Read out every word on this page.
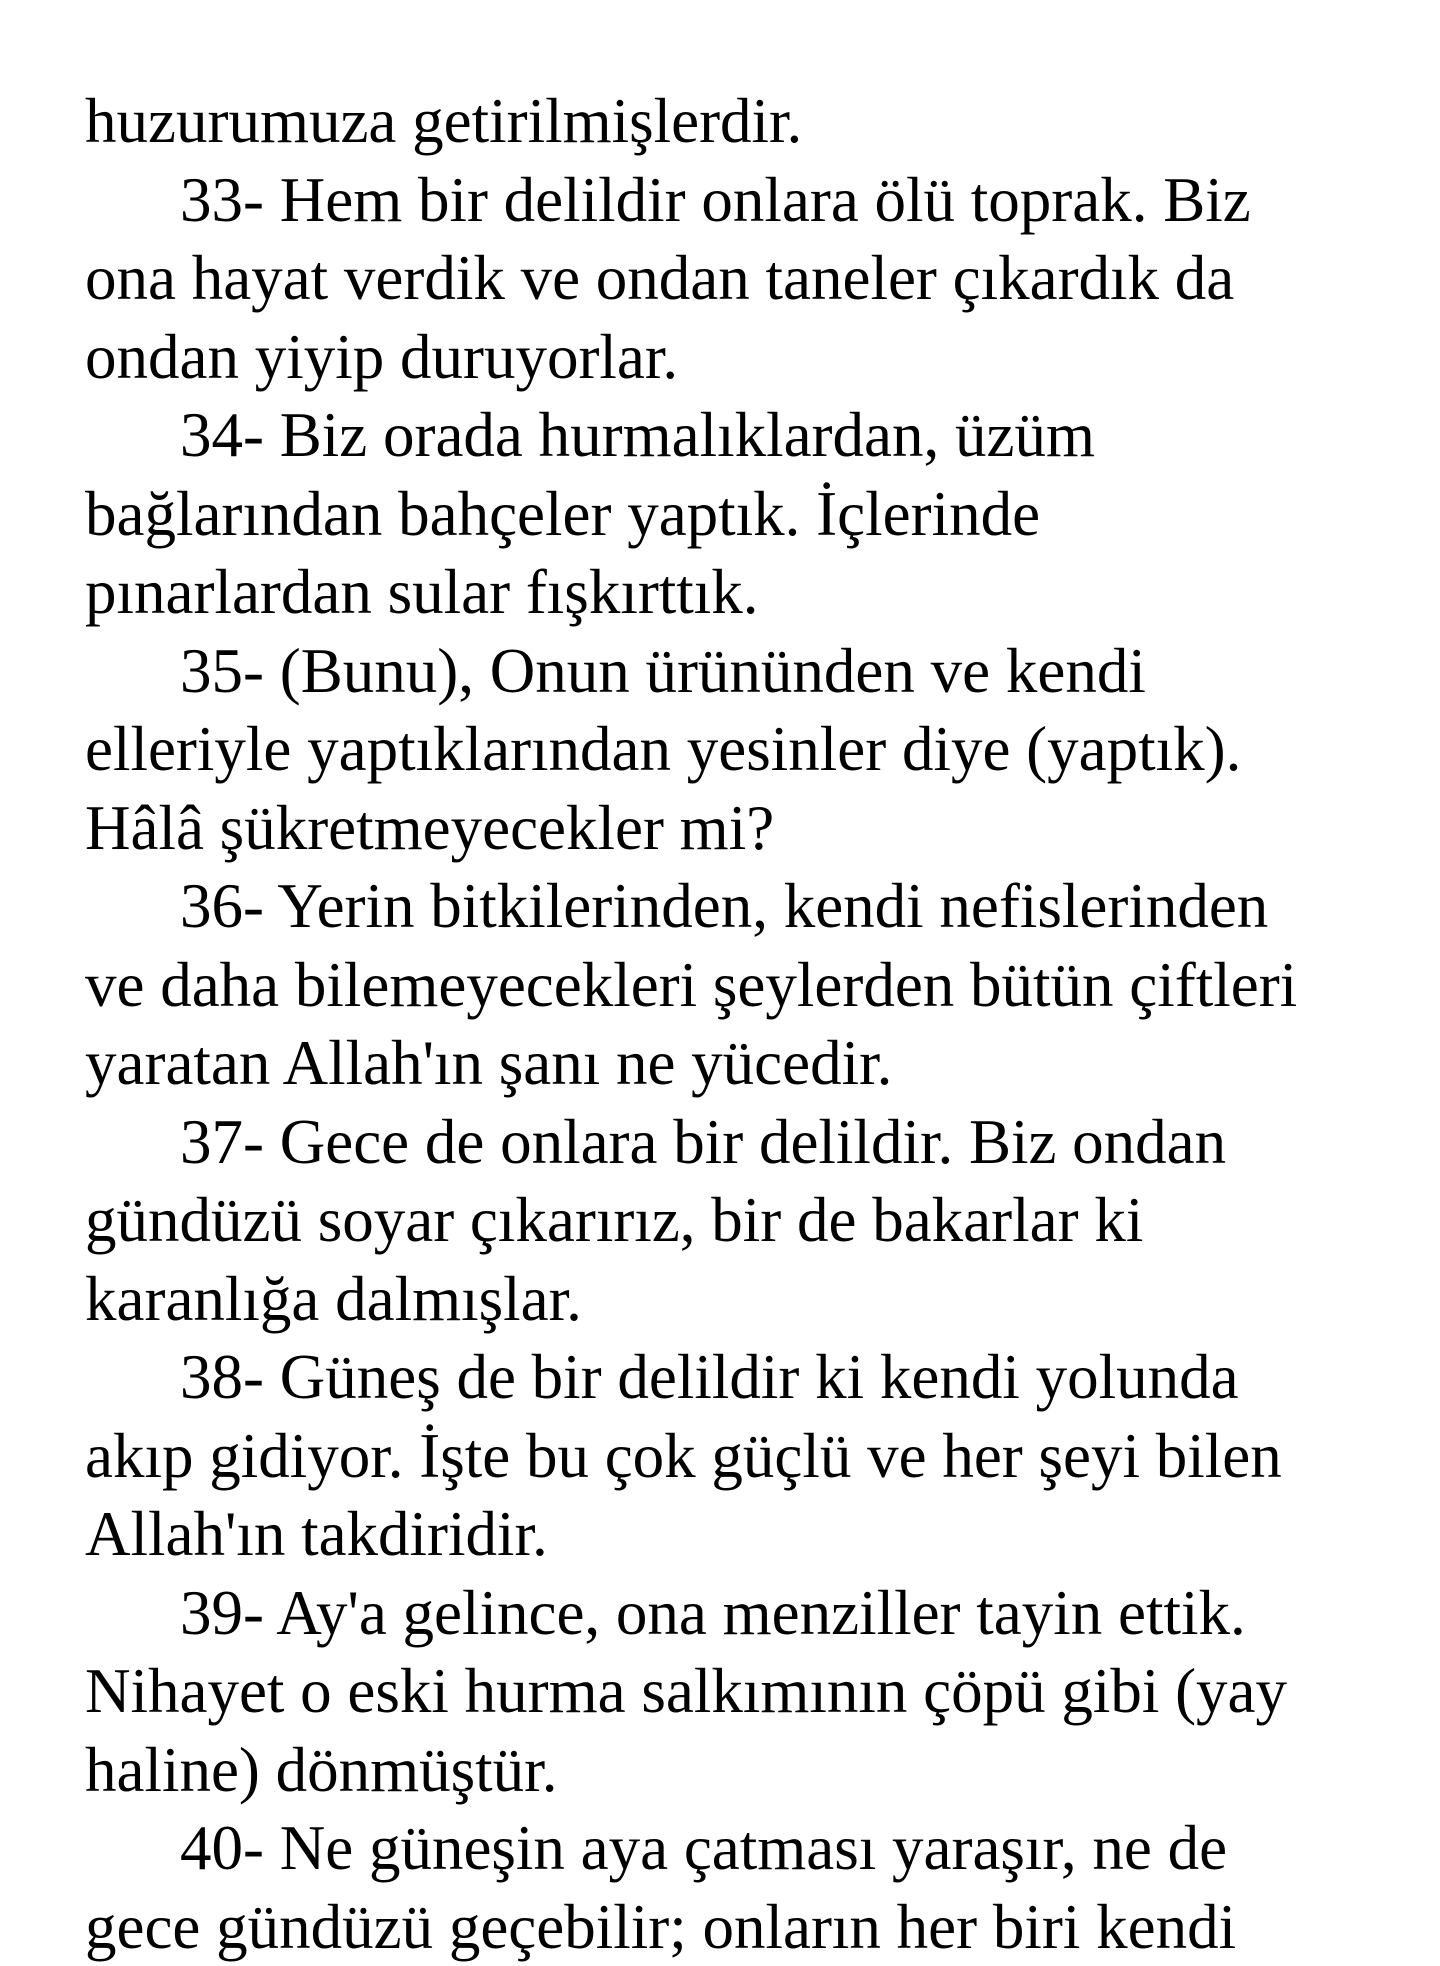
huzurumuza getirilmişlerdir.
33- Hem bir delildir onlara ölü toprak. Biz
ona hayat verdik ve ondan taneler çıkardık da
ondan yiyip duruyorlar.
34- Biz orada hurmalıklardan, üzüm
bağlarından bahçeler yaptık. İçlerinde
pınarlardan sular fışkırttık.
35- (Bunu), Onun ürününden ve kendi
elleriyle yaptıklarından yesinler diye (yaptık).
Hâlâ şükretmeyecekler mi?
36- Yerin bitkilerinden, kendi nefislerinden
ve daha bilemeyecekleri şeylerden bütün çiftleri
yaratan Allah'ın şanı ne yücedir.
37- Gece de onlara bir delildir. Biz ondan
gündüzü soyar çıkarırız, bir de bakarlar ki
karanlığa dalmışlar.
38- Güneş de bir delildir ki kendi yolunda
akıp gidiyor. İşte bu çok güçlü ve her şeyi bilen
Allah'ın takdiridir.
39- Ay'a gelince, ona menziller tayin ettik.
Nihayet o eski hurma salkımının çöpü gibi (yay
haline) dönmüştür.
40- Ne güneşin aya çatması yaraşır, ne de
gece gündüzü geçebilir; onların her biri kendi
